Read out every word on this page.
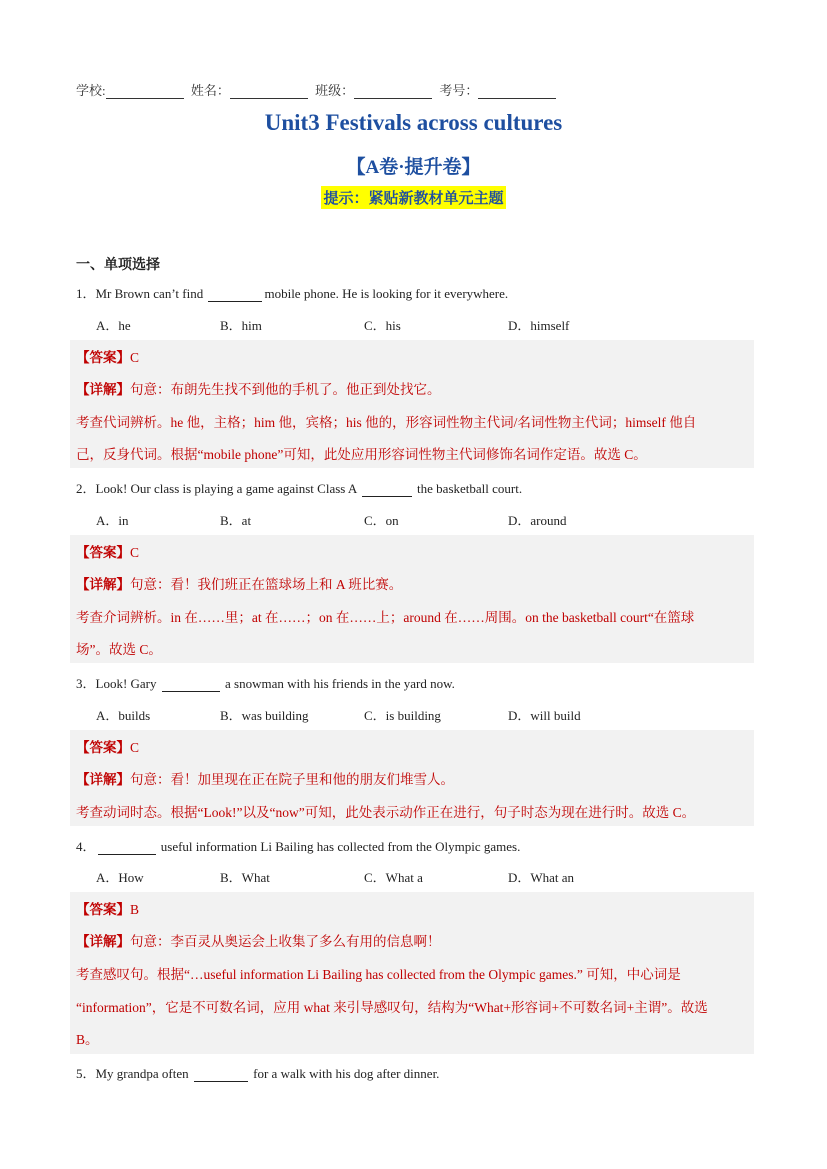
学校:	姓名：	班级：	考号：
Unit3 Festivals across cultures
【A卷·提升卷】
提示：紧贴新教材单元主题
一、单项选择
1．Mr Brown can’t find	mobile phone. He is looking for it everywhere.
A．he	B．him	C．his	D．himself
【答案】C
【详解】句意：布朗先生找不到他的手机了。他正到处找它。
考查代词辨析。he 他，主格；him 他，宾格；his 他的，形容词性物主代词/名词性物主代词；himself 他自
己，反身代词。根据“mobile phone”可知，此处应用形容词性物主代词修饰名词作定语。故选 C。
2．Look! Our class is playing a game against Class A	the basketball court.
A．in	B．at	C．on	D．around
【答案】C
【详解】句意：看！我们班正在篮球场上和 A 班比赛。
考查介词辨析。in 在……里；at 在……；on 在……上；around 在……周围。on the basketball court“在篮球
场”。故选 C。
3．Look! Gary	a snowman with his friends in the yard now.
A．builds	B．was building	C．is building	D．will build
【答案】C
【详解】句意：看！加里现在正在院子里和他的朋友们堆雪人。
考查动词时态。根据“Look!”以及“now”可知，此处表示动作正在进行，句子时态为现在进行时。故选 C。
4．	useful information Li Bailing has collected from the Olympic games.
A．How	B．What	C．What a	D．What an
【答案】B
【详解】句意：李百灵从奥运会上收集了多么有用的信息啊！
考查感叹句。根据“…useful information Li Bailing has collected from the Olympic games.” 可知，中心词是
“information”，它是不可数名词，应用 what 来引导感叹句，结构为“What+形容词+不可数名词+主谓”。故选
B。
5．My grandpa often	for a walk with his dog after dinner.
